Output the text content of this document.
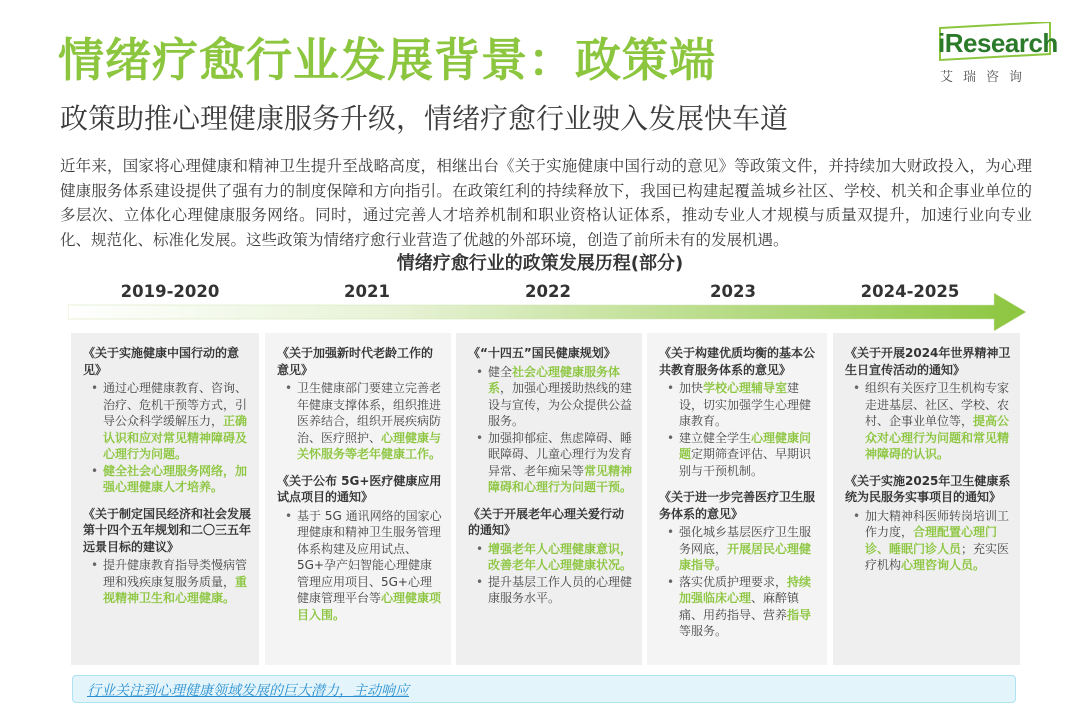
情绪疗愈行业发展背景：政策端
政策助推心理健康服务升级，情绪疗愈行业驶入发展快车道
iResearch
艾瑞咨询
近年来，国家将心理健康和精神卫生提升至战略高度，相继出台《关于实施健康中国行动的意见》等政策文件，并持续加大财政投入，为心理健康服务体系建设提供了强有力的制度保障和方向指引。在政策红利的持续释放下，我国已构建起覆盖城乡社区、学校、机关和企事业单位的多层次、立体化心理健康服务网络。同时，通过完善人才培养机制和职业资格认证体系，推动专业人才规模与质量双提升，加速行业向专业化、规范化、标准化发展。这些政策为情绪疗愈行业营造了优越的外部环境，创造了前所未有的发展机遇。
情绪疗愈行业的政策发展历程(部分)
2019-2020	2021	2022	2023	2024-2025
《关于实施健康中国行动的意见》
• 通过心理健康教育、咨询、治疗、危机干预等方式，引导公众科学缓解压力，正确认识和应对常见精神障碍及心理行为问题。
• 健全社会心理服务网络，加强心理健康人才培养。
《关于制定国民经济和社会发展第十四个五年规划和二〇三五年远景目标的建议》
• 提升健康教育指导类慢病管理和残疾康复服务质量，重视精神卫生和心理健康。
《关于加强新时代老龄工作的意见》
• 卫生健康部门要建立完善老年健康支撑体系，组织推进医养结合，组织开展疾病防治、医疗照护、心理健康与关怀服务等老年健康工作。
《关于公布 5G+医疗健康应用试点项目的通知》
• 基于 5G 通讯网络的国家心理健康和精神卫生服务管理体系构建及应用试点、5G+孕产妇智能心理健康管理应用项目、5G+心理健康管理平台等心理健康项目入围。
《“十四五”国民健康规划》
• 健全社会心理健康服务体系，加强心理援助热线的建设与宣传，为公众提供公益服务。
• 加强抑郁症、焦虑障碍、睡眠障碍、儿童心理行为发育异常、老年痴呆等常见精神障碍和心理行为问题干预。
《关于开展老年心理关爱行动的通知》
• 增强老年人心理健康意识，改善老年人心理健康状况。
• 提升基层工作人员的心理健康服务水平。
《关于构建优质均衡的基本公共教育服务体系的意见》
• 加快学校心理辅导室建设，切实加强学生心理健康教育。
• 建立健全学生心理健康问题定期筛查评估、早期识别与干预机制。
《关于进一步完善医疗卫生服务体系的意见》
• 强化城乡基层医疗卫生服务网底，开展居民心理健康指导。
• 落实优质护理要求，持续加强临床心理、麻醉镇痛、用药指导、营养指导等服务。
《关于开展2024年世界精神卫生日宣传活动的通知》
• 组织有关医疗卫生机构专家走进基层、社区、学校、农村、企事业单位等，提高公众对心理行为问题和常见精神障碍的认识。
《关于实施2025年卫生健康系统为民服务实事项目的通知》
• 加大精神科医师转岗培训工作力度，合理配置心理门诊、睡眠门诊人员；充实医疗机构心理咨询人员。
行业关注到心理健康领域发展的巨大潜力，主动响应
